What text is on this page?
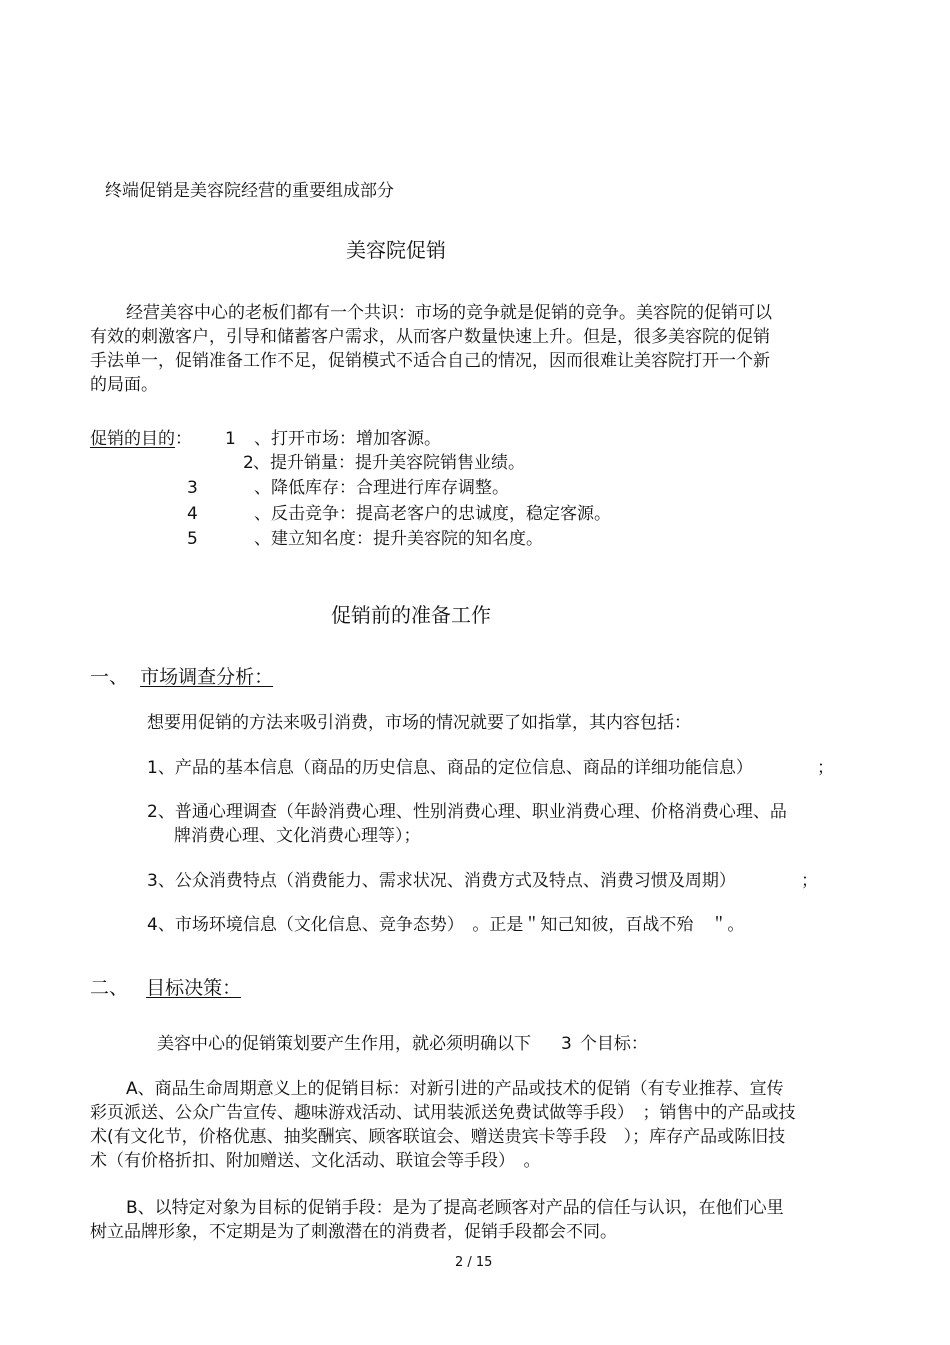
终端促销是美容院经营的重要组成部分
美容院促销
经营美容中心的老板们都有一个共识：市场的竞争就是促销的竞争。美容院的促销可以
有效的刺激客户，引导和储蓄客户需求，从而客户数量快速上升。但是，很多美容院的促销
手法单一，促销准备工作不足，促销模式不适合自己的情况，因而很难让美容院打开一个新
的局面。
促销的目的： 1 、打开市场：增加客源。
2 、提升销量：提升美容院销售业绩。
3	、降低库存：合理进行库存调整。
4	、反击竞争：提高老客户的忠诚度，稳定客源。
5	、建立知名度：提升美容院的知名度。
促销前的准备工作
一、 市场调查分析：
想要用促销的方法来吸引消费，市场的情况就要了如指掌，其内容包括：
1、产品的基本信息（商品的历史信息、商品的定位信息、商品的详细功能信息）	；
2、普通心理调查（年龄消费心理、性别消费心理、职业消费心理、价格消费心理、品
牌消费心理、文化消费心理等）；
3、公众消费特点（消费能力、需求状况、消费方式及特点、消费习惯及周期）	；
4、市场环境信息（文化信息、竞争态势）　。正是＂知己知彼，百战不殆　＂。
二、 目标决策：
美容中心的促销策划要产生作用，就必须明确以下 3 个目标：
A、商品生命周期意义上的促销目标：对新引进的产品或技术的促销（有专业推荐、宣传
彩页派送、公众广告宣传、趣味游戏活动、试用装派送免费试做等手段）　；销售中的产品或技
术(有文化节，价格优惠、抽奖酬宾、顾客联谊会、赠送贵宾卡等手段　）；库存产品或陈旧技
术（有价格折扣、附加赠送、文化活动、联谊会等手段）　。
B、以特定对象为目标的促销手段：是为了提高老顾客对产品的信任与认识，在他们心里
树立品牌形象，不定期是为了刺激潜在的消费者，促销手段都会不同。
2 / 15
